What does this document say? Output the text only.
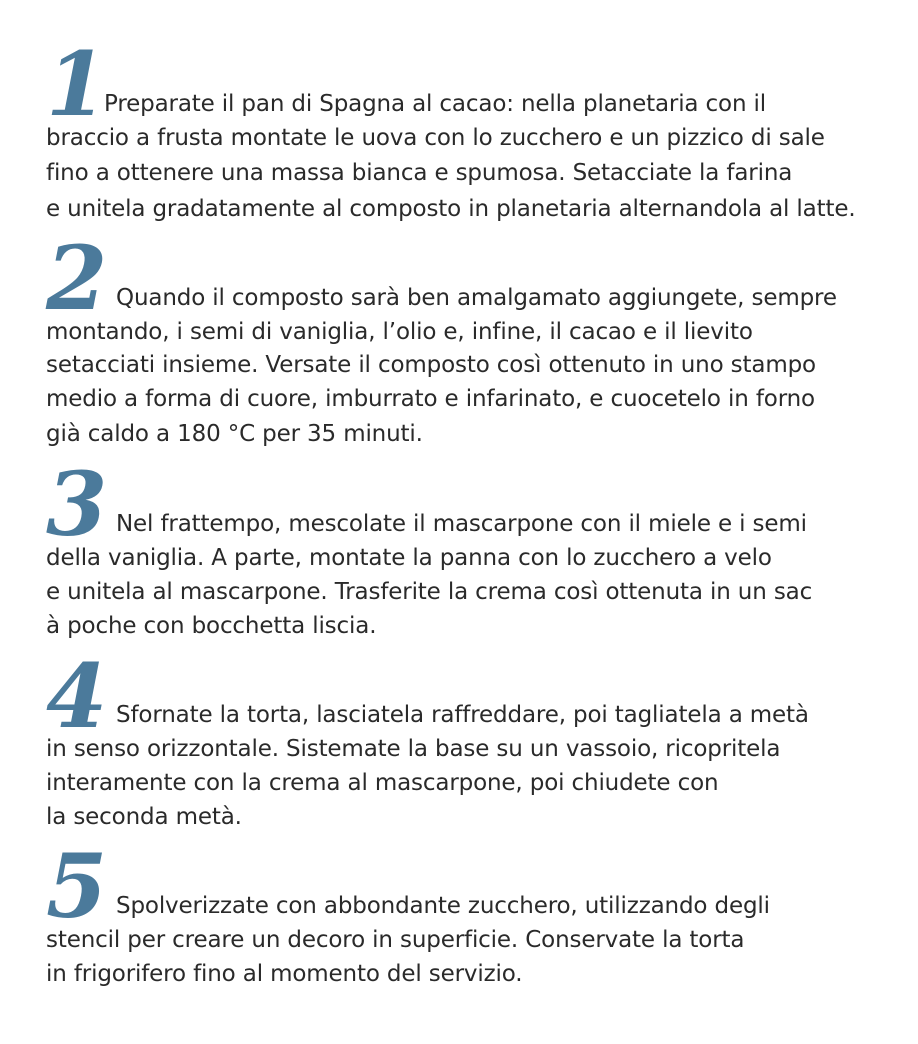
1
Preparate il pan di Spagna al cacao: nella planetaria con il
braccio a frusta montate le uova con lo zucchero e un pizzico di sale
fino a ottenere una massa bianca e spumosa. Setacciate la farina
e unitela gradatamente al composto in planetaria alternandola al latte.
2 Quando il composto sarà ben amalgamato aggiungete, sempre
montando, i semi di vaniglia, l’olio e, infine, il cacao e il lievito
setacciati insieme. Versate il composto così ottenuto in uno stampo
medio a forma di cuore, imburrato e infarinato, e cuocetelo in forno
già caldo a 180 °C per 35 minuti.
3 Nel frattempo, mescolate il mascarpone con il miele e i semi
della vaniglia. A parte, montate la panna con lo zucchero a velo
e unitela al mascarpone. Trasferite la crema così ottenuta in un sac
à poche con bocchetta liscia.
4 Sfornate la torta, lasciatela raffreddare, poi tagliatela a metà
in senso orizzontale. Sistemate la base su un vassoio, ricopritela
interamente con la crema al mascarpone, poi chiudete con
la seconda metà.
5 Spolverizzate con abbondante zucchero, utilizzando degli
stencil per creare un decoro in superficie. Conservate la torta
in frigorifero fino al momento del servizio.
